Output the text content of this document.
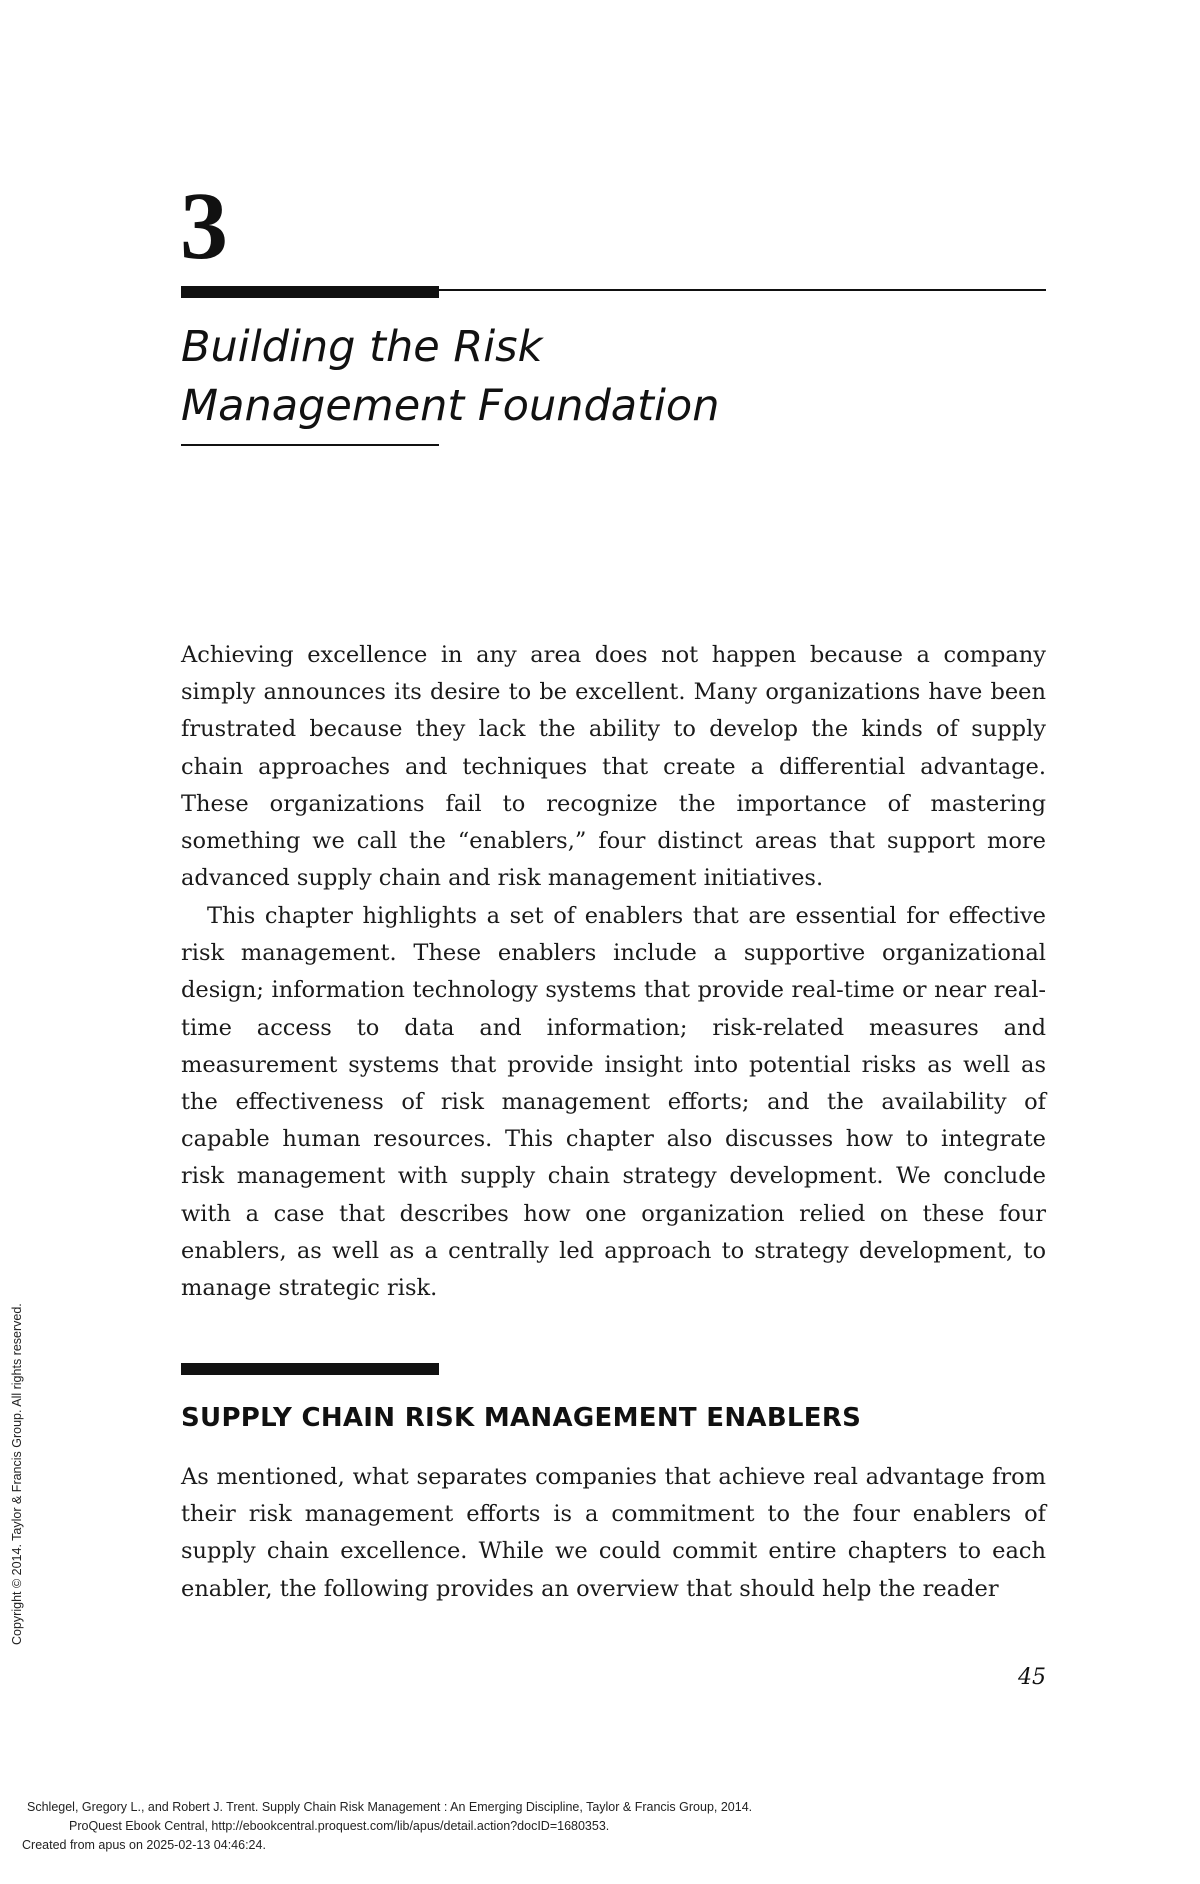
3
Building the Risk
Management Foundation

Achieving excellence in any area does not happen because a company simply announces its desire to be excellent. Many organizations have been frustrated because they lack the ability to develop the kinds of supply chain approaches and techniques that create a differential advantage. These organizations fail to recognize the importance of mastering something we call the “enablers,” four distinct areas that support more advanced supply chain and risk management initiatives.

This chapter highlights a set of enablers that are essential for effective risk management. These enablers include a supportive organizational design; information technology systems that provide real-time or near real-time access to data and information; risk-related measures and measurement systems that provide insight into potential risks as well as the effectiveness of risk management efforts; and the availability of capable human resources. This chapter also discusses how to integrate risk management with supply chain strategy development. We conclude with a case that describes how one organization relied on these four enablers, as well as a centrally led approach to strategy development, to manage strategic risk.

SUPPLY CHAIN RISK MANAGEMENT ENABLERS

As mentioned, what separates companies that achieve real advantage from their risk management efforts is a commitment to the four enablers of supply chain excellence. While we could commit entire chapters to each enabler, the following provides an overview that should help the reader

45
Copyright © 2014. Taylor & Francis Group. All rights reserved.
Schlegel, Gregory L., and Robert J. Trent. Supply Chain Risk Management : An Emerging Discipline, Taylor & Francis Group, 2014.
ProQuest Ebook Central, http://ebookcentral.proquest.com/lib/apus/detail.action?docID=1680353.
Created from apus on 2025-02-13 04:46:24.
